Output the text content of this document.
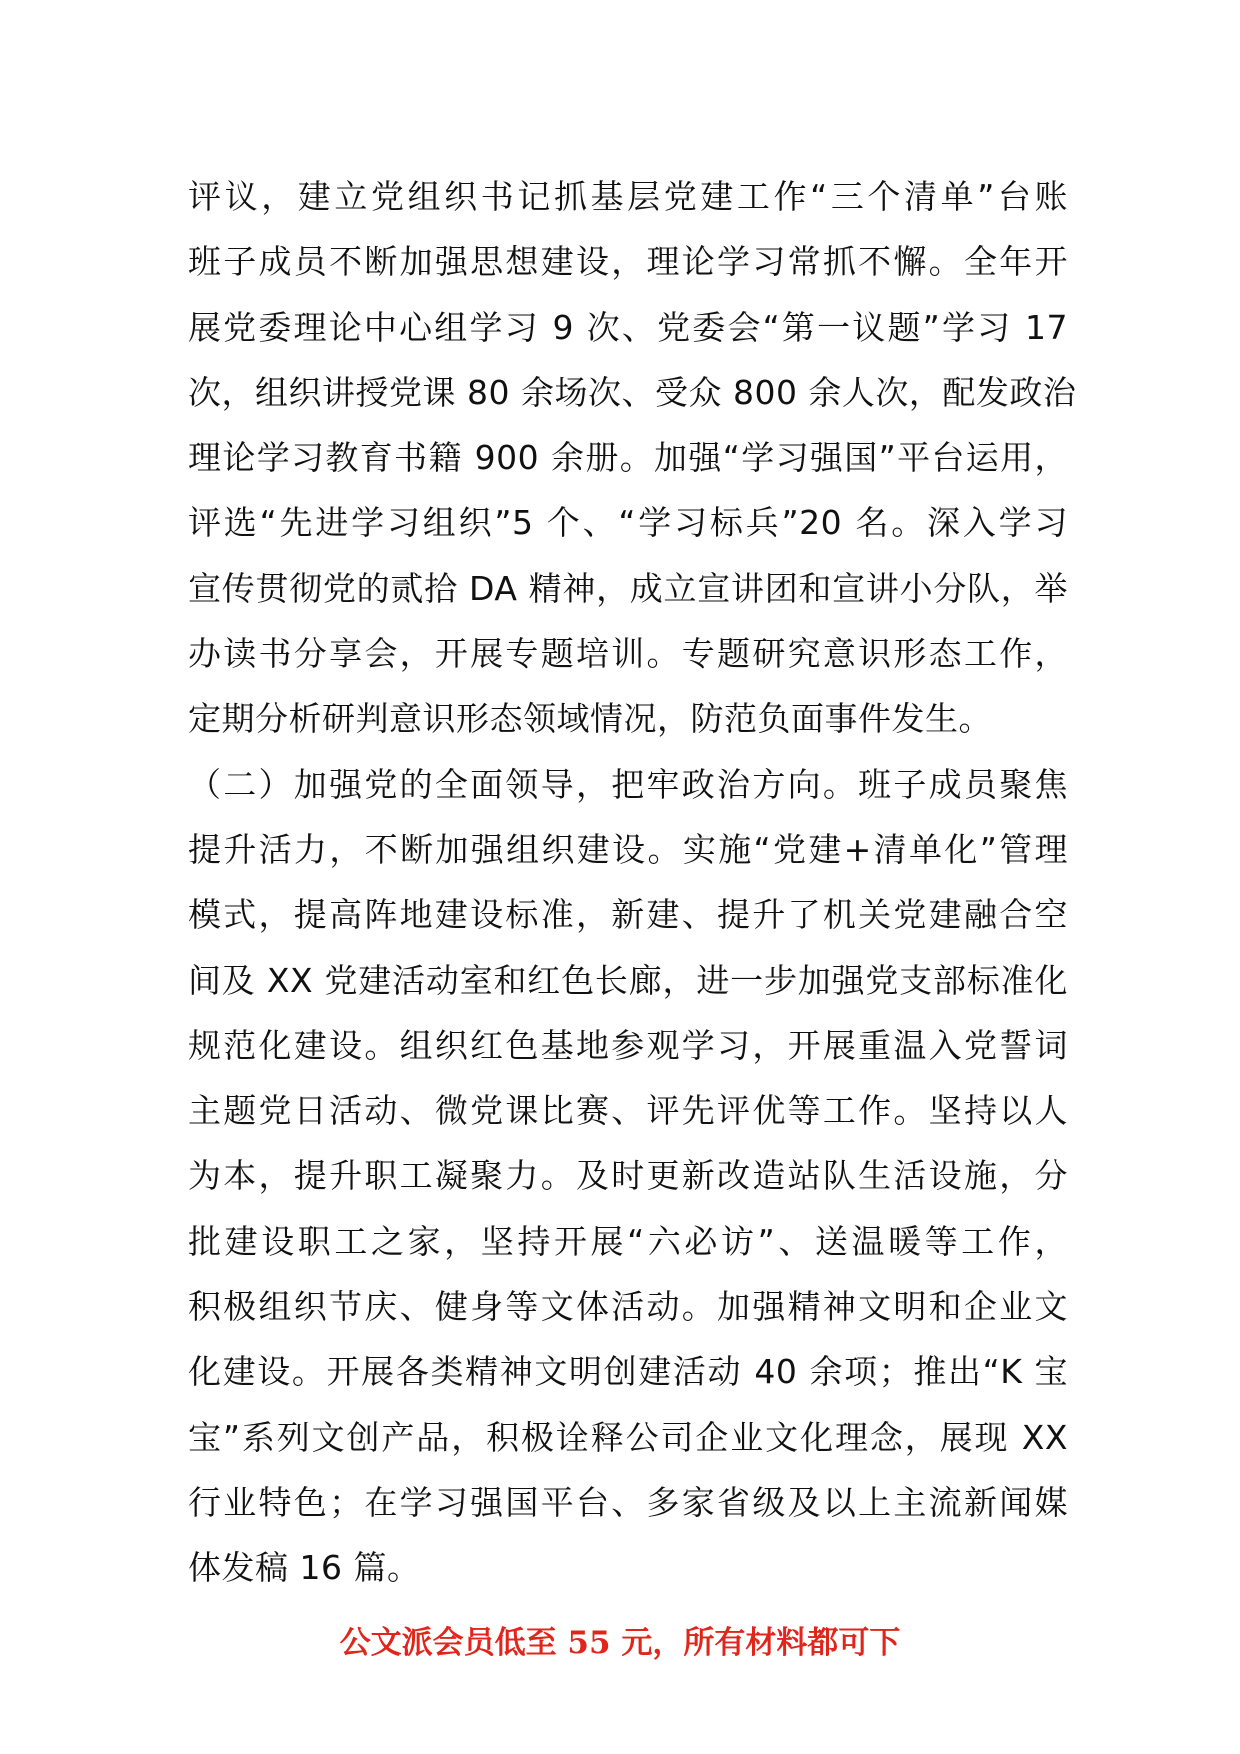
评议，建立党组织书记抓基层党建工作“三个清单”台账
班子成员不断加强思想建设，理论学习常抓不懈。全年开
展党委理论中心组学习 9 次、党委会“第一议题”学习 17
次，组织讲授党课 80 余场次、受众 800 余人次，配发政治
理论学习教育书籍 900 余册。加强“学习强国”平台运用，
评选“先进学习组织”5 个、“学习标兵”20 名。深入学习
宣传贯彻党的贰拾 DA 精神，成立宣讲团和宣讲小分队，举
办读书分享会，开展专题培训。专题研究意识形态工作，
定期分析研判意识形态领域情况，防范负面事件发生。
（二）加强党的全面领导，把牢政治方向。班子成员聚焦
提升活力，不断加强组织建设。实施“党建+清单化”管理
模式，提高阵地建设标准，新建、提升了机关党建融合空
间及 XX 党建活动室和红色长廊，进一步加强党支部标准化
规范化建设。组织红色基地参观学习，开展重温入党誓词
主题党日活动、微党课比赛、评先评优等工作。坚持以人
为本，提升职工凝聚力。及时更新改造站队生活设施，分
批建设职工之家，坚持开展“六必访”、送温暖等工作，
积极组织节庆、健身等文体活动。加强精神文明和企业文
化建设。开展各类精神文明创建活动 40 余项；推出“K 宝
宝”系列文创产品，积极诠释公司企业文化理念，展现 XX
行业特色；在学习强国平台、多家省级及以上主流新闻媒
体发稿 16 篇。
公文派会员低至 55 元，所有材料都可下
